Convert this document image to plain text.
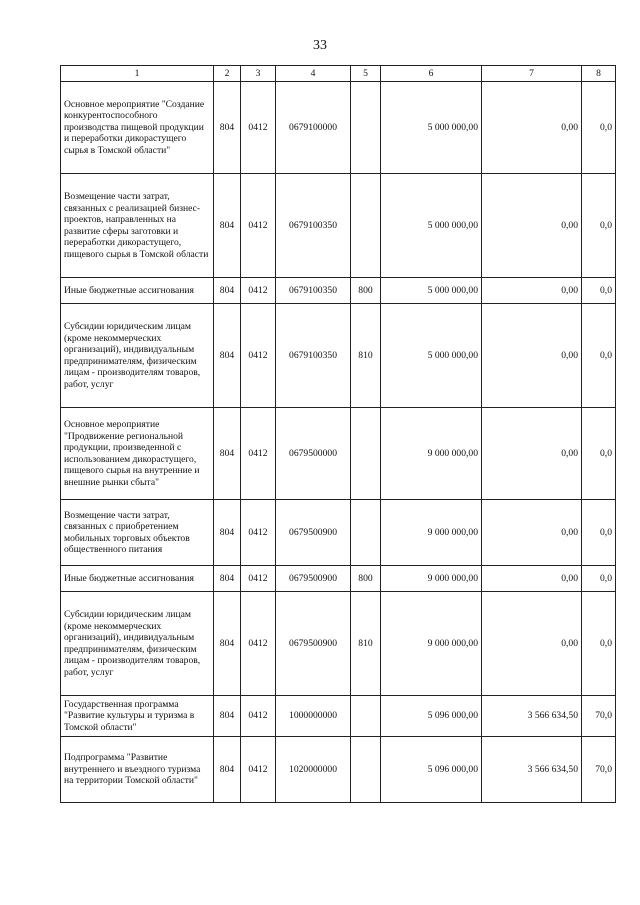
33
1	2	3	4	5	6	7	8
Основное мероприятие "Создание конкурентоспособного производства пищевой продукции и переработки дикорастущего сырья в Томской области"	804	0412	0679100000		5 000 000,00	0,00	0,0
Возмещение части затрат, связанных с реализацией бизнес-проектов, направленных на развитие сферы заготовки и переработки дикорастущего, пищевого сырья в Томской области	804	0412	0679100350		5 000 000,00	0,00	0,0
Иные бюджетные ассигнования	804	0412	0679100350	800	5 000 000,00	0,00	0,0
Субсидии юридическим лицам (кроме некоммерческих организаций), индивидуальным предпринимателям, физическим лицам - производителям товаров, работ, услуг	804	0412	0679100350	810	5 000 000,00	0,00	0,0
Основное мероприятие "Продвижение региональной продукции, произведенной с использованием дикорастущего, пищевого сырья на внутренние и внешние рынки сбыта"	804	0412	0679500000		9 000 000,00	0,00	0,0
Возмещение части затрат, связанных с приобретением мобильных торговых объектов общественного питания	804	0412	0679500900		9 000 000,00	0,00	0,0
Иные бюджетные ассигнования	804	0412	0679500900	800	9 000 000,00	0,00	0,0
Субсидии юридическим лицам (кроме некоммерческих организаций), индивидуальным предпринимателям, физическим лицам - производителям товаров, работ, услуг	804	0412	0679500900	810	9 000 000,00	0,00	0,0
Государственная программа "Развитие культуры и туризма в Томской области"	804	0412	1000000000		5 096 000,00	3 566 634,50	70,0
Подпрограмма "Развитие внутреннего и въездного туризма на территории Томской области"	804	0412	1020000000		5 096 000,00	3 566 634,50	70,0
